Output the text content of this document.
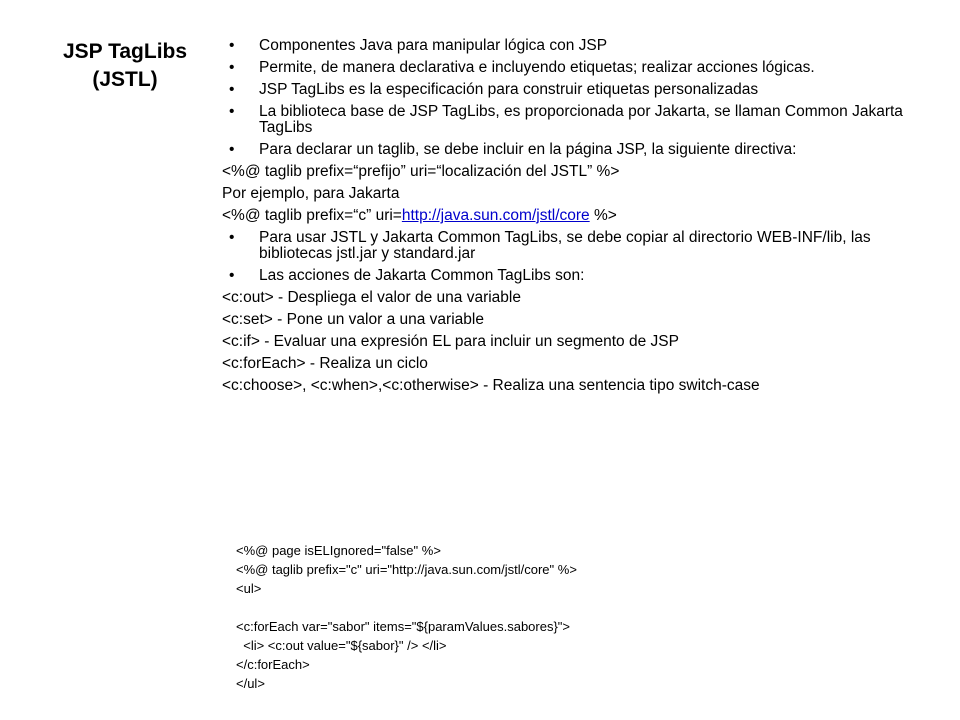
JSP TagLibs
(JSTL)
• Componentes Java para manipular lógica con JSP
• Permite, de manera declarativa e incluyendo etiquetas; realizar acciones lógicas.
• JSP TagLibs es la especificación para construir etiquetas personalizadas
• La biblioteca base de JSP TagLibs, es proporcionada por Jakarta, se llaman Common Jakarta TagLibs
• Para declarar un taglib, se debe incluir en la página JSP, la siguiente directiva:
<%@ taglib prefix=“prefijo” uri=“localización del JSTL” %>
Por ejemplo, para Jakarta
<%@ taglib prefix=“c” uri=http://java.sun.com/jstl/core %>
• Para usar JSTL y Jakarta Common TagLibs, se debe copiar al directorio WEB-INF/lib, las bibliotecas jstl.jar y standard.jar
• Las acciones de Jakarta Common TagLibs son:
<c:out> - Despliega el valor de una variable
<c:set> - Pone un valor a una variable
<c:if> - Evaluar una expresión EL para incluir un segmento de JSP
<c:forEach> - Realiza un ciclo
<c:choose>, <c:when>,<c:otherwise> - Realiza una sentencia tipo switch-case
<%@ page isELIgnored="false" %>
<%@ taglib prefix="c" uri="http://java.sun.com/jstl/core" %>
<ul>
<c:forEach var="sabor" items="${paramValues.sabores}">
<li> <c:out value="${sabor}" /> </li>
</c:forEach>
</ul>
